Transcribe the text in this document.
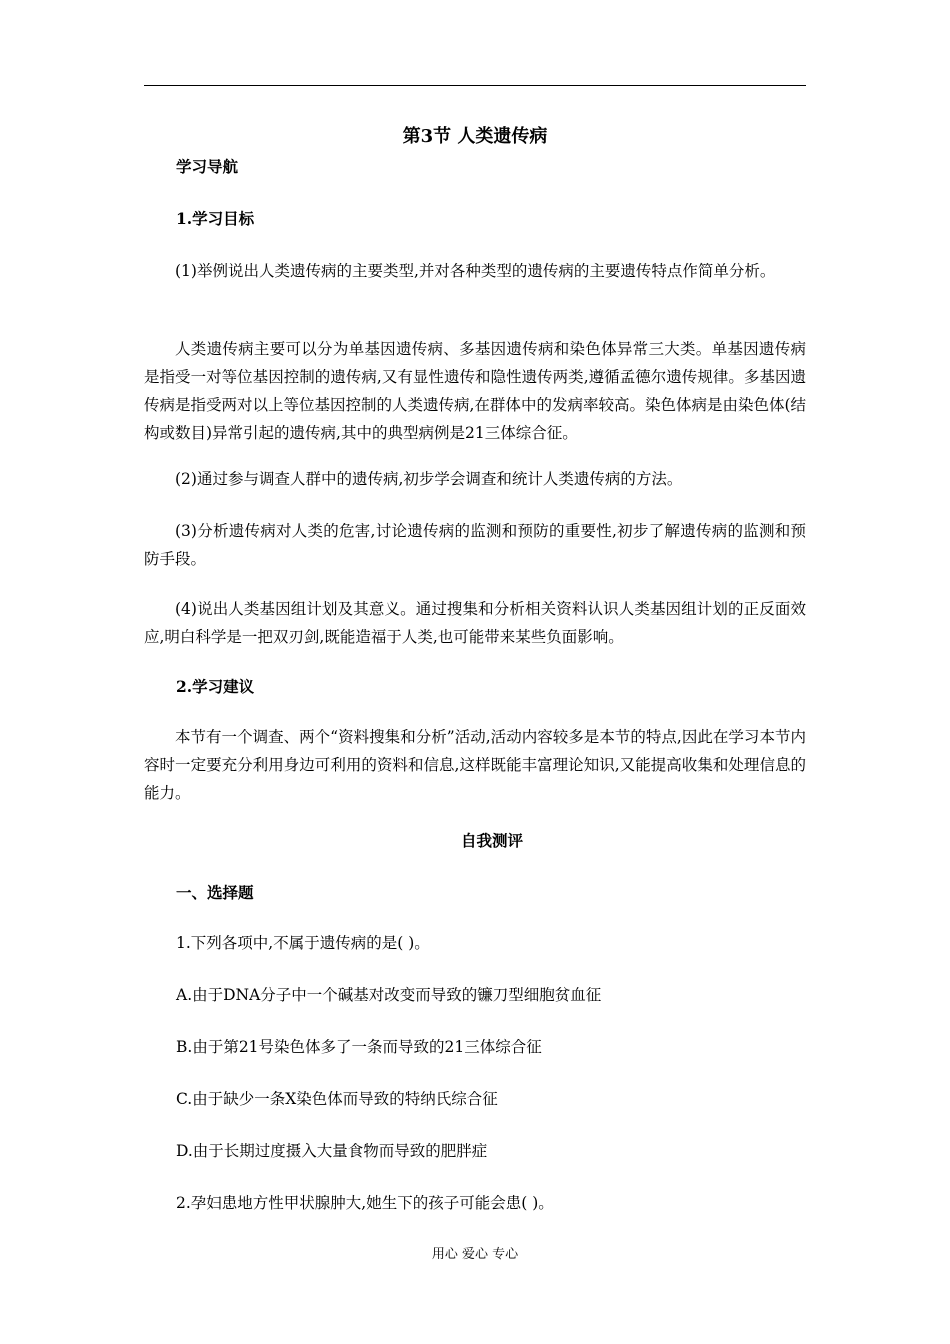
第3节 人类遗传病
学习导航
1.学习目标
(1)举例说出人类遗传病的主要类型,并对各种类型的遗传病的主要遗传特点作简单分析。
人类遗传病主要可以分为单基因遗传病、多基因遗传病和染色体异常三大类。单基因遗传病是指受一对等位基因控制的遗传病,又有显性遗传和隐性遗传两类,遵循孟德尔遗传规律。多基因遗传病是指受两对以上等位基因控制的人类遗传病,在群体中的发病率较高。染色体病是由染色体(结构或数目)异常引起的遗传病,其中的典型病例是21三体综合征。
(2)通过参与调查人群中的遗传病,初步学会调查和统计人类遗传病的方法。
(3)分析遗传病对人类的危害,讨论遗传病的监测和预防的重要性,初步了解遗传病的监测和预防手段。
(4)说出人类基因组计划及其意义。通过搜集和分析相关资料认识人类基因组计划的正反面效应,明白科学是一把双刃剑,既能造福于人类,也可能带来某些负面影响。
2.学习建议
本节有一个调查、两个“资料搜集和分析”活动,活动内容较多是本节的特点,因此在学习本节内容时一定要充分利用身边可利用的资料和信息,这样既能丰富理论知识,又能提高收集和处理信息的能力。
自我测评
一、选择题
1.下列各项中,不属于遗传病的是( )。
A.由于DNA分子中一个碱基对改变而导致的镰刀型细胞贫血征
B.由于第21号染色体多了一条而导致的21三体综合征
C.由于缺少一条X染色体而导致的特纳氏综合征
D.由于长期过度摄入大量食物而导致的肥胖症
2.孕妇患地方性甲状腺肿大,她生下的孩子可能会患( )。
用心 爱心 专心
